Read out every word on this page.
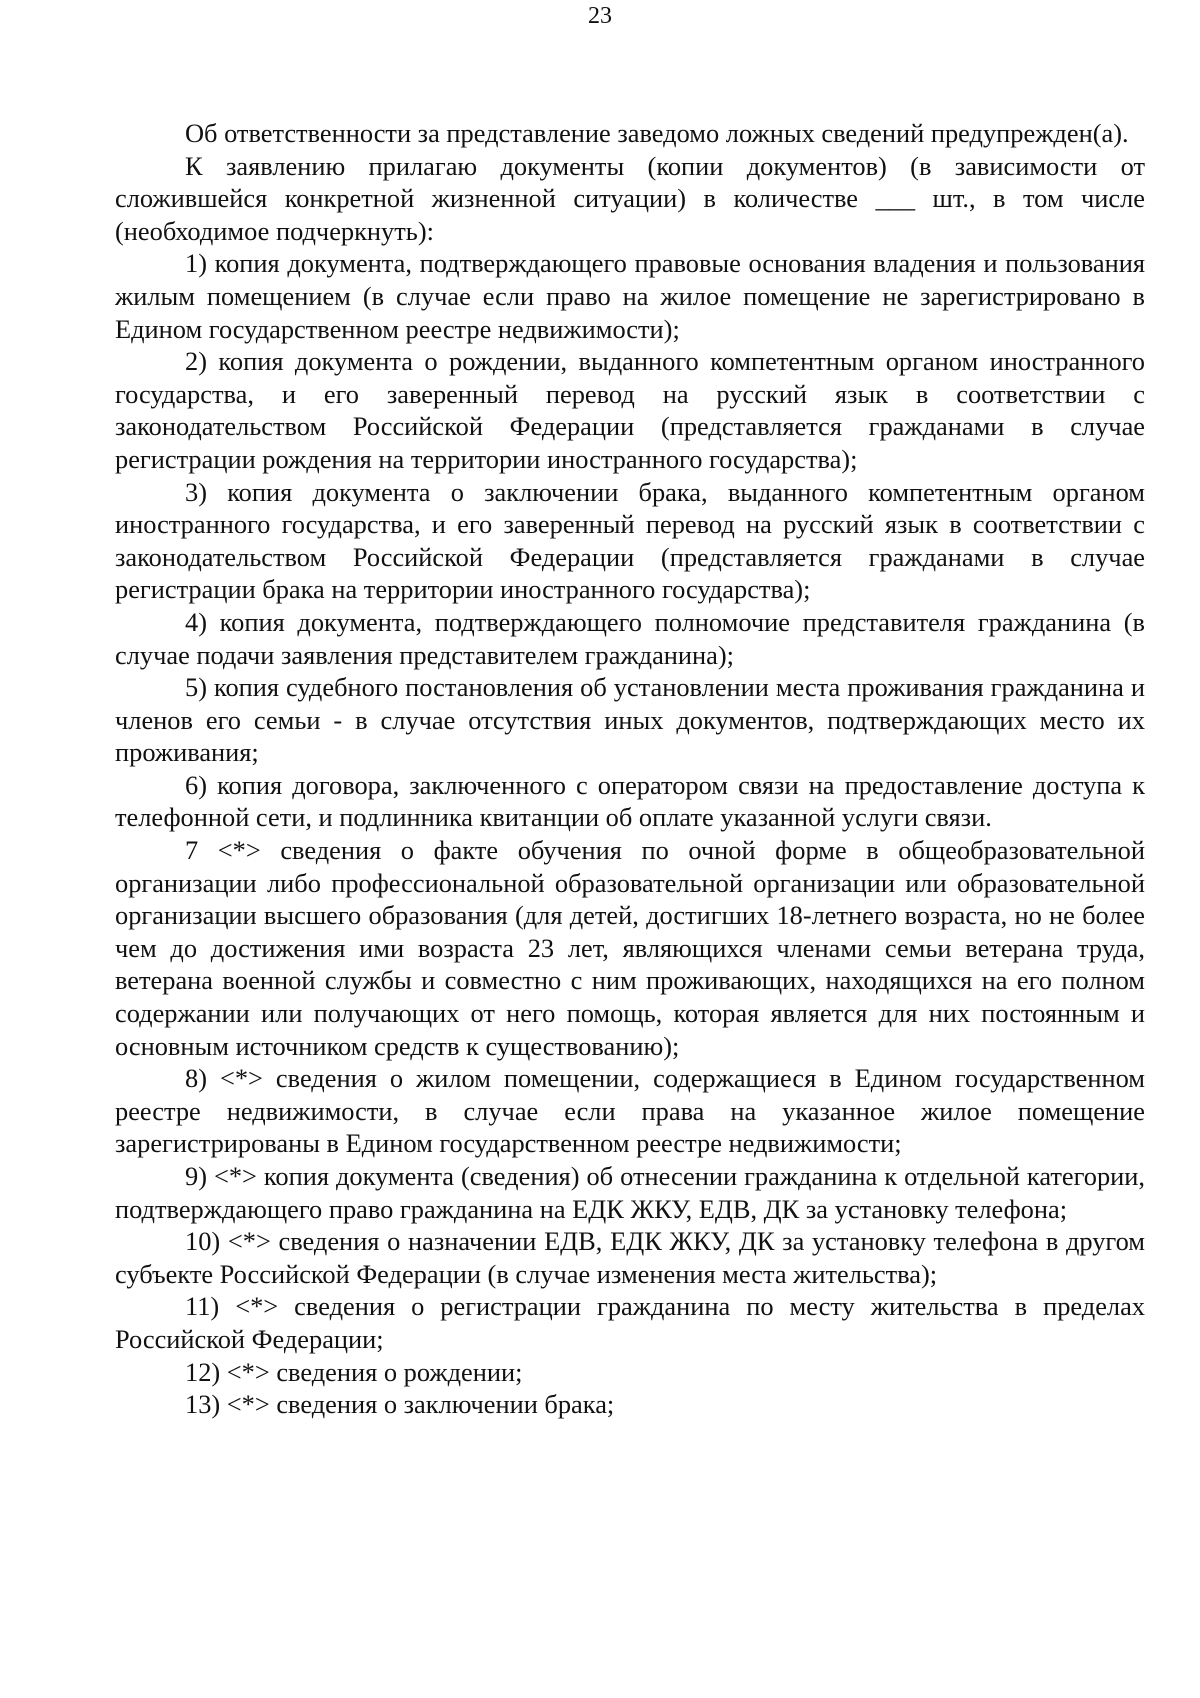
23

Об ответственности за представление заведомо ложных сведений предупрежден(а).

К заявлению прилагаю документы (копии документов) (в зависимости от сложившейся конкретной жизненной ситуации) в количестве ___ шт., в том числе (необходимое подчеркнуть):

1) копия документа, подтверждающего правовые основания владения и пользования жилым помещением (в случае если право на жилое помещение не зарегистрировано в Едином государственном реестре недвижимости);

2) копия документа о рождении, выданного компетентным органом иностранного государства, и его заверенный перевод на русский язык в соответствии с законодательством Российской Федерации (представляется гражданами в случае регистрации рождения на территории иностранного государства);

3) копия документа о заключении брака, выданного компетентным органом иностранного государства, и его заверенный перевод на русский язык в соответствии с законодательством Российской Федерации (представляется гражданами в случае регистрации брака на территории иностранного государства);

4) копия документа, подтверждающего полномочие представителя гражданина (в случае подачи заявления представителем гражданина);

5) копия судебного постановления об установлении места проживания гражданина и членов его семьи - в случае отсутствия иных документов, подтверждающих место их проживания;

6) копия договора, заключенного с оператором связи на предоставление доступа к телефонной сети, и подлинника квитанции об оплате указанной услуги связи.

7 <*> сведения о факте обучения по очной форме в общеобразовательной организации либо профессиональной образовательной организации или образовательной организации высшего образования (для детей, достигших 18-летнего возраста, но не более чем до достижения ими возраста 23 лет, являющихся членами семьи ветерана труда, ветерана военной службы и совместно с ним проживающих, находящихся на его полном содержании или получающих от него помощь, которая является для них постоянным и основным источником средств к существованию);

8) <*> сведения о жилом помещении, содержащиеся в Едином государственном реестре недвижимости, в случае если права на указанное жилое помещение зарегистрированы в Едином государственном реестре недвижимости;

9) <*> копия документа (сведения) об отнесении гражданина к отдельной категории, подтверждающего право гражданина на ЕДК ЖКУ, ЕДВ, ДК за установку телефона;

10) <*> сведения о назначении ЕДВ, ЕДК ЖКУ, ДК за установку телефона в другом субъекте Российской Федерации (в случае изменения места жительства);

11) <*> сведения о регистрации гражданина по месту жительства в пределах Российской Федерации;

12) <*> сведения о рождении;

13) <*> сведения о заключении брака;
